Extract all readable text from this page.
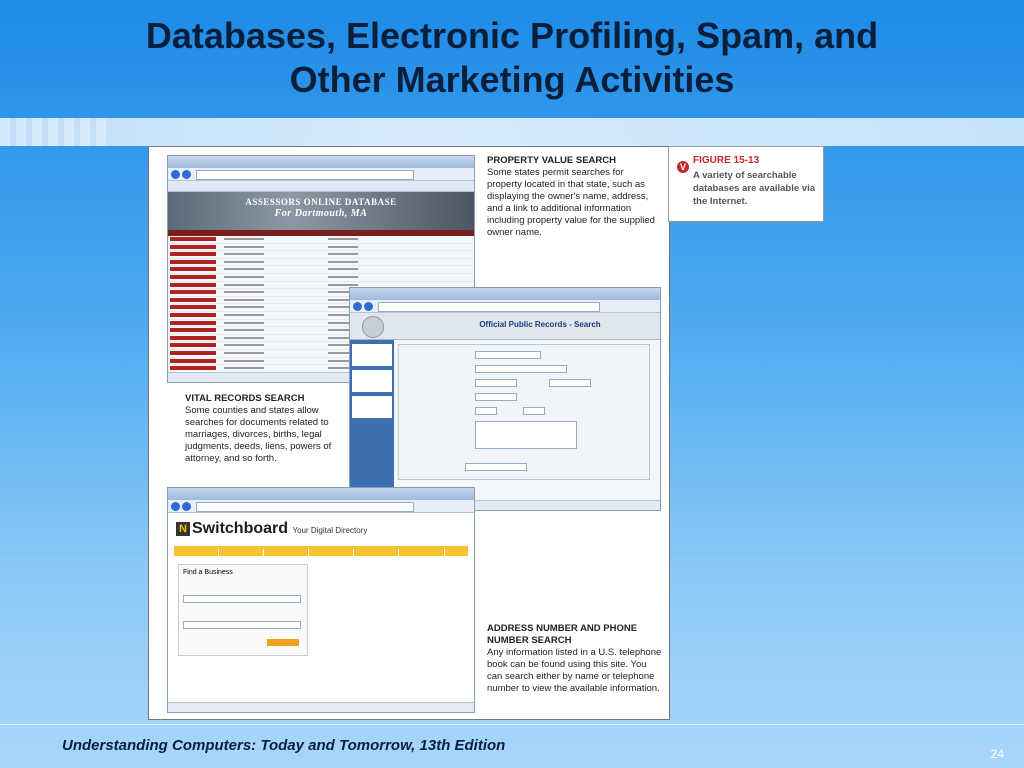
Databases, Electronic Profiling, Spam, and
Other Marketing Activities
ASSESSORS ONLINE DATABASE
For Dartmouth, MA
PROPERTY VALUE SEARCH
Some states permit searches for property located in that state, such as displaying the owner's name, address, and a link to additional information including property value for the supplied owner name.
VITAL RECORDS SEARCH
Some counties and states allow searches for documents related to marriages, divorces, births, legal judgments, deeds, liens, powers of attorney, and so forth.
Official Public Records - Search
N Switchboard Your Digital Directory
Find a Business
ADDRESS NUMBER AND PHONE NUMBER SEARCH
Any information listed in a U.S. telephone book can be found using this site. You can search either by name or telephone number to view the available information.
V
FIGURE 15-13
A variety of searchable databases are available via the Internet.
Understanding Computers: Today and Tomorrow, 13th Edition	24
